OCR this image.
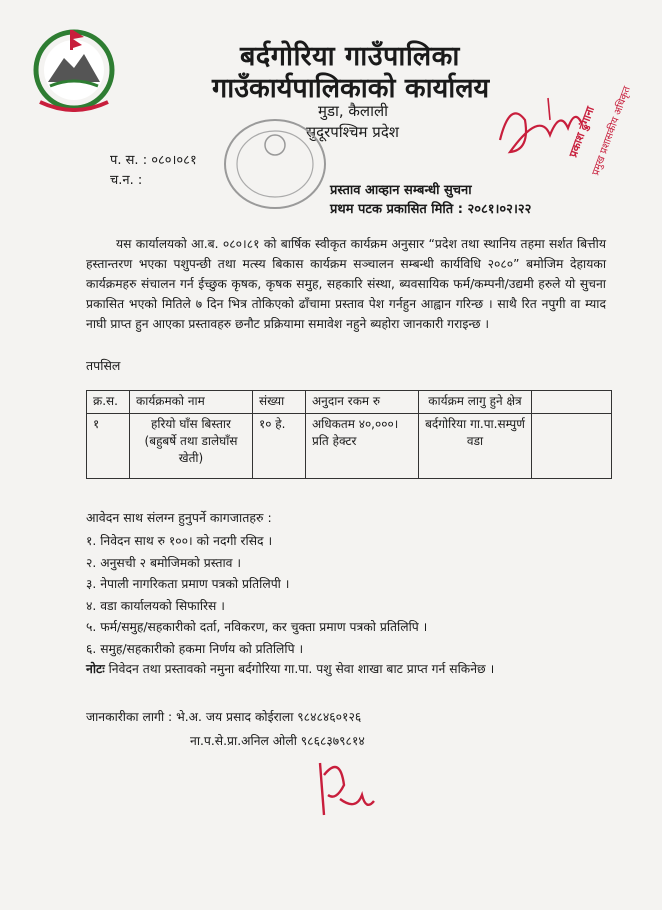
बर्दगोरिया गाउँपालिका
गाउँकार्यपालिकाको कार्यालय
मुडा, कैलाली
सुदूरपश्चिम प्रदेश	प्रकाश ढुंगाना
प्रमुख प्रशासकीय अधिकृत
प. स. : ०८०।०८१
च.न. :
प्रस्ताव आव्हान सम्बन्धी सुचना
प्रथम पटक प्रकासित मिति : २०८१।०२।२२
यस कार्यालयको आ.ब. ०८०।८१ को बार्षिक स्वीकृत कार्यक्रम अनुसार “प्रदेश तथा स्थानिय तहमा सर्शत बित्तीय हस्तान्तरण भएका पशुपन्छी तथा मत्स्य बिकास कार्यक्रम सञ्चालन सम्बन्धी कार्यविधि २०८०” बमोजिम देहायका कार्यक्रमहरु संचालन गर्न ईच्छुक कृषक, कृषक समुह, सहकारि संस्था, ब्यवसायिक फर्म/कम्पनी/उद्यमी हरुले यो सुचना प्रकासित भएको मितिले ७ दिन भित्र तोकिएको ढाँचामा प्रस्ताव पेश गर्नहुन आह्वान गरिन्छ । साथै रित नपुगी वा म्याद नाघी प्राप्त हुन आएका प्रस्तावहरु छनौट प्रक्रियामा समावेश नहुने ब्यहोरा जानकारी गराइन्छ ।
तपसिल
क्र.स.	कार्यक्रमको नाम	संख्या	अनुदान रकम रु	कार्यक्रम लागु हुने क्षेत्र	
१	हरियो घाँस बिस्तार (बहुबर्षे तथा डालेघाँस खेती)	१० हे.	अधिकतम ४०,०००। प्रति हेक्टर	बर्दगोरिया गा.पा.सम्पुर्ण वडा	
आवेदन साथ संलग्न हुनुपर्ने कागजातहरु :
१. निवेदन साथ रु १००। को नदगी रसिद ।
२. अनुसची २ बमोजिमको प्रस्ताव ।
३. नेपाली नागरिकता प्रमाण पत्रको प्रतिलिपी ।
४. वडा कार्यालयको सिफारिस ।
५. फर्म/समुह/सहकारीको दर्ता, नविकरण, कर चुक्ता प्रमाण पत्रको प्रतिलिपि ।
६. समुह/सहकारीको हकमा निर्णय को प्रतिलिपि ।
नोटः निवेदन तथा प्रस्तावको नमुना बर्दगोरिया गा.पा. पशु सेवा शाखा बाट प्राप्त गर्न सकिनेछ ।
जानकारीका लागी : भे.अ. जय प्रसाद कोईराला ९८४८४६०१२६
ना.प.से.प्रा.अनिल ओली ९८६८३७९८१४
